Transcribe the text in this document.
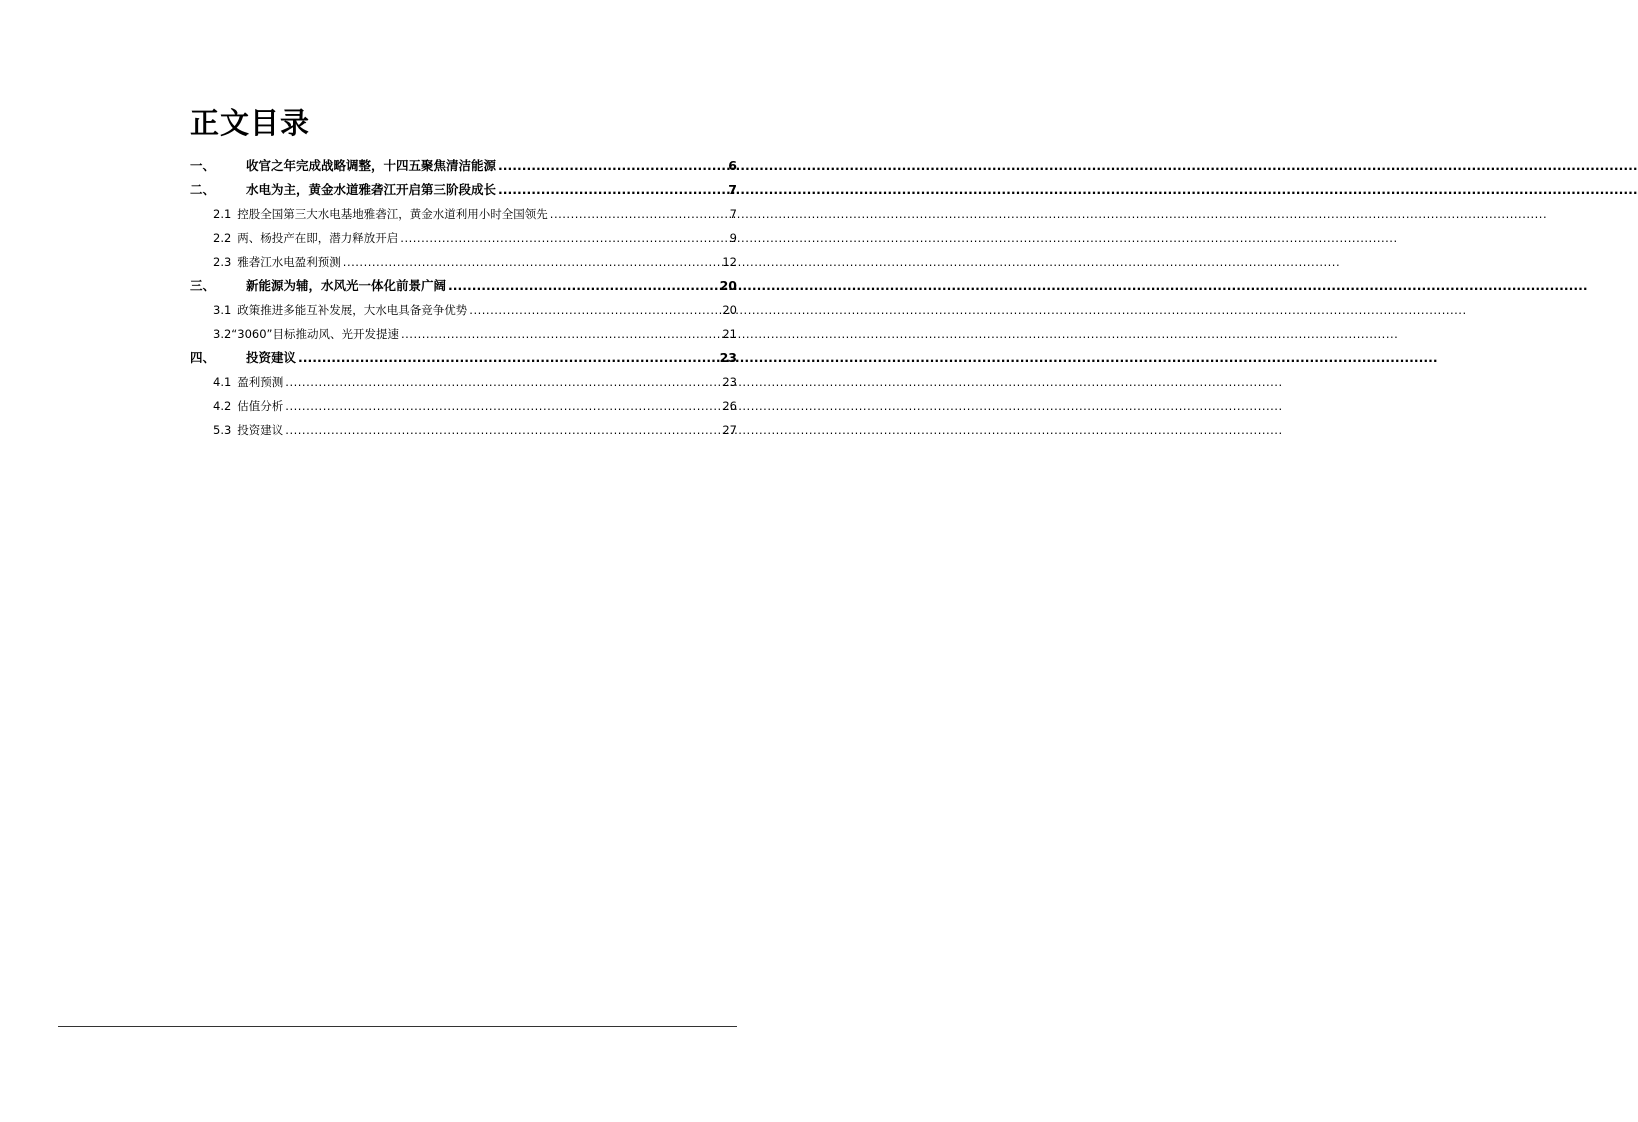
正文目录
一、	收官之年完成战略调整，十四五聚焦清洁能源 .....	6
二、	水电为主，黄金水道雅砻江开启第三阶段成长 .....	7
2.1 控股全国第三大水电基地雅砻江，黄金水道利用小时全国领先 .....	7
2.2 两、杨投产在即，潜力释放开启 .....	9
2.3 雅砻江水电盈利预测 .....	12
三、	新能源为辅，水风光一体化前景广阔 .....	20
3.1 政策推进多能互补发展，大水电具备竞争优势 .....	20
3.2 “3060”目标推动风、光开发提速 .....	21
四、	投资建议 .....	23
4.1 盈利预测 .....	23
4.2 估值分析 .....	26
5.3 投资建议 .....	27
